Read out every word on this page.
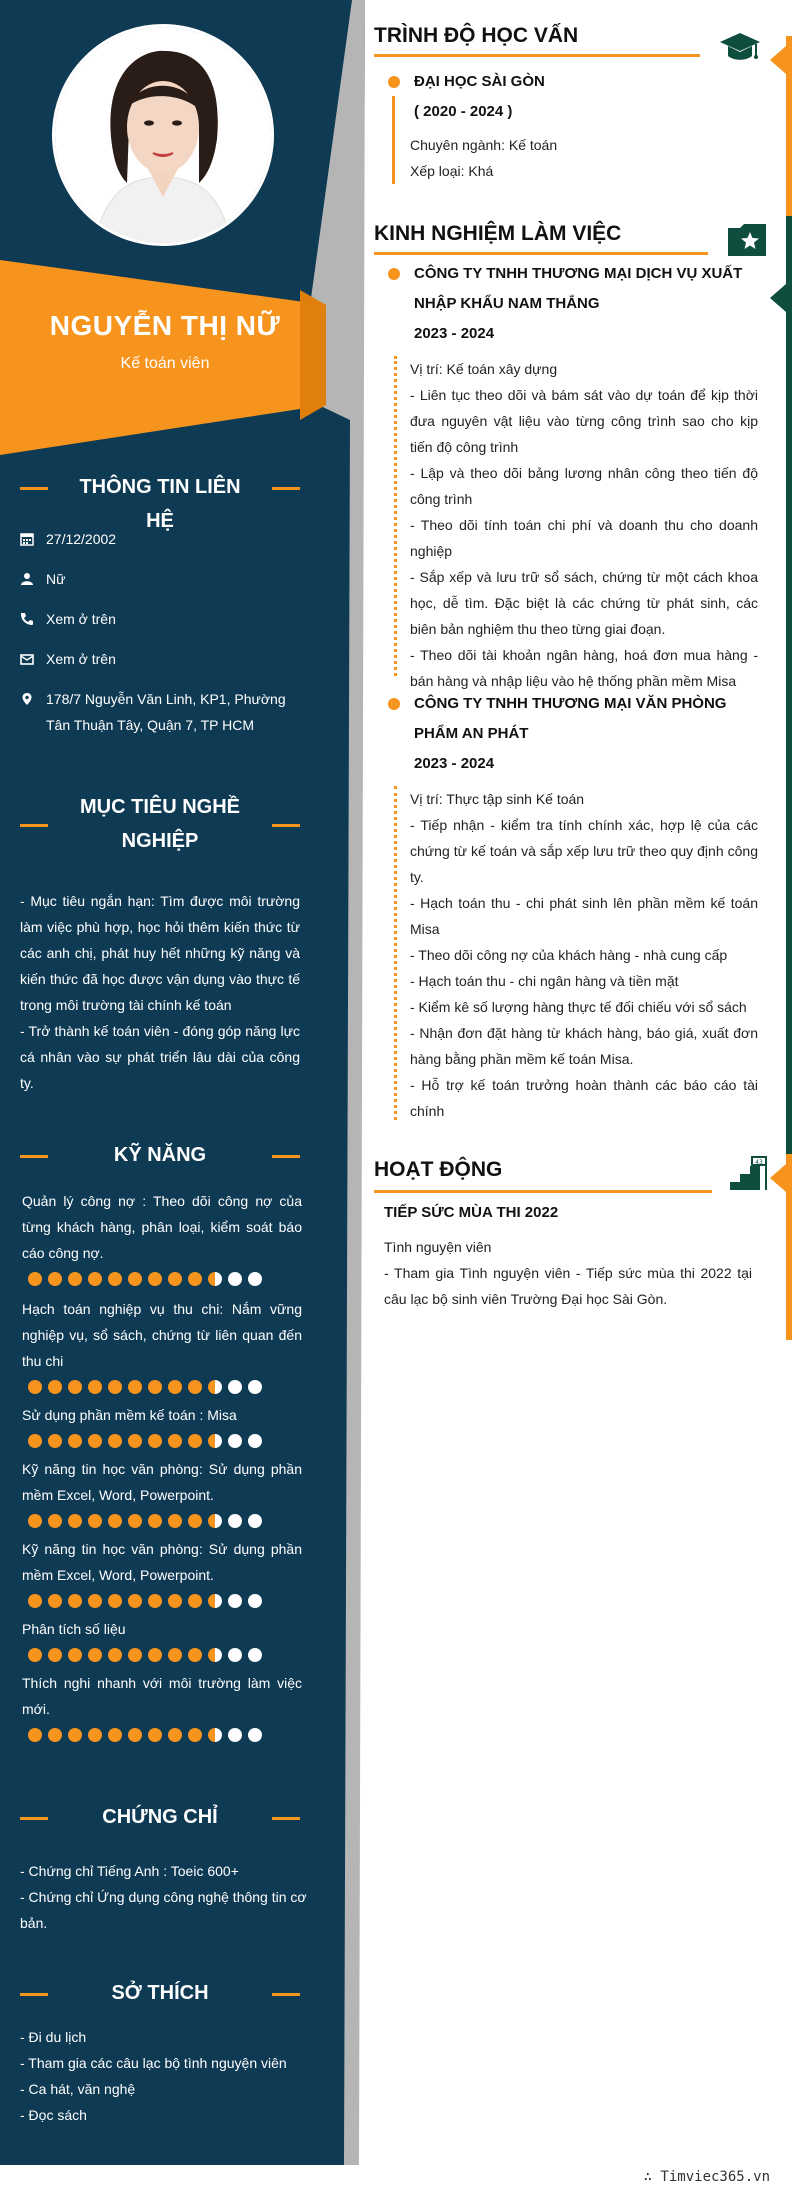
NGUYỄN THỊ NỮ
Kế toán viên
THÔNG TIN LIÊN HỆ
27/12/2002
Nữ
Xem ở trên
Xem ở trên
178/7 Nguyễn Văn Linh, KP1, Phường Tân Thuận Tây, Quận 7, TP HCM
MỤC TIÊU NGHỀ
NGHIỆP
- Mục tiêu ngắn hạn: Tìm được môi trường làm việc phù hợp, học hỏi thêm kiến thức từ các anh chị, phát huy hết những kỹ năng và kiến thức đã học được vận dụng vào thực tế trong môi trường tài chính kế toán
- Trở thành kế toán viên - đóng góp năng lực cá nhân vào sự phát triển lâu dài của công ty.
KỸ NĂNG
Quản lý công nợ : Theo dõi công nợ của từng khách hàng, phân loại, kiểm soát báo cáo công nợ.
Hạch toán nghiệp vụ thu chi: Nắm vững nghiệp vụ, sổ sách, chứng từ liên quan đến thu chi
Sử dụng phần mềm kế toán : Misa
Kỹ năng tin học văn phòng: Sử dụng phần mềm Excel, Word, Powerpoint.
Kỹ năng tin học văn phòng: Sử dụng phần mềm Excel, Word, Powerpoint.
Phân tích số liệu
Thích nghi nhanh với môi trường làm việc mới.
CHỨNG CHỈ
- Chứng chỉ Tiếng Anh : Toeic 600+
- Chứng chỉ Ứng dụng công nghệ thông tin cơ bản.
SỞ THÍCH
- Đi du lịch
- Tham gia các câu lạc bộ tình nguyện viên
- Ca hát, văn nghệ
- Đọc sách
TRÌNH ĐỘ HỌC VẤN
ĐẠI HỌC SÀI GÒN
( 2020 - 2024 )
Chuyên ngành: Kế toán
Xếp loại: Khá
KINH NGHIỆM LÀM VIỆC
CÔNG TY TNHH THƯƠNG MẠI DỊCH VỤ XUẤT
NHẬP KHẨU NAM THẮNG
2023 - 2024
Vị trí: Kế toán xây dựng
- Liên tục theo dõi và bám sát vào dự toán để kịp thời đưa nguyên vật liệu vào từng công trình sao cho kịp tiến độ công trình
- Lập và theo dõi bảng lương nhân công theo tiến độ công trình
- Theo dõi tính toán chi phí và doanh thu cho doanh nghiệp
- Sắp xếp và lưu trữ sổ sách, chứng từ một cách khoa học, dễ tìm. Đặc biệt là các chứng từ phát sinh, các biên bản nghiệm thu theo từng giai đoạn.
- Theo dõi tài khoản ngân hàng, hoá đơn mua hàng - bán hàng và nhập liệu vào hệ thống phần mềm Misa
CÔNG TY TNHH THƯƠNG MẠI VĂN PHÒNG
PHẨM AN PHÁT
2023 - 2024
Vị trí: Thực tập sinh Kế toán
- Tiếp nhận - kiểm tra tính chính xác, hợp lệ của các chứng từ kế toán và sắp xếp lưu trữ theo quy định công ty.
- Hạch toán thu - chi phát sinh lên phần mềm kế toán Misa
- Theo dõi công nợ của khách hàng - nhà cung cấp
- Hạch toán thu - chi ngân hàng và tiền mặt
- Kiểm kê số lượng hàng thực tế đối chiếu với sổ sách
- Nhận đơn đặt hàng từ khách hàng, báo giá, xuất đơn hàng bằng phần mềm kế toán Misa.
- Hỗ trợ kế toán trưởng hoàn thành các báo cáo tài chính
HOẠT ĐỘNG	43
TIẾP SỨC MÙA THI 2022
Tình nguyện viên
- Tham gia Tình nguyện viên - Tiếp sức mùa thi 2022 tại câu lạc bộ sinh viên Trường Đại học Sài Gòn.
∴ Timviec365.vn
